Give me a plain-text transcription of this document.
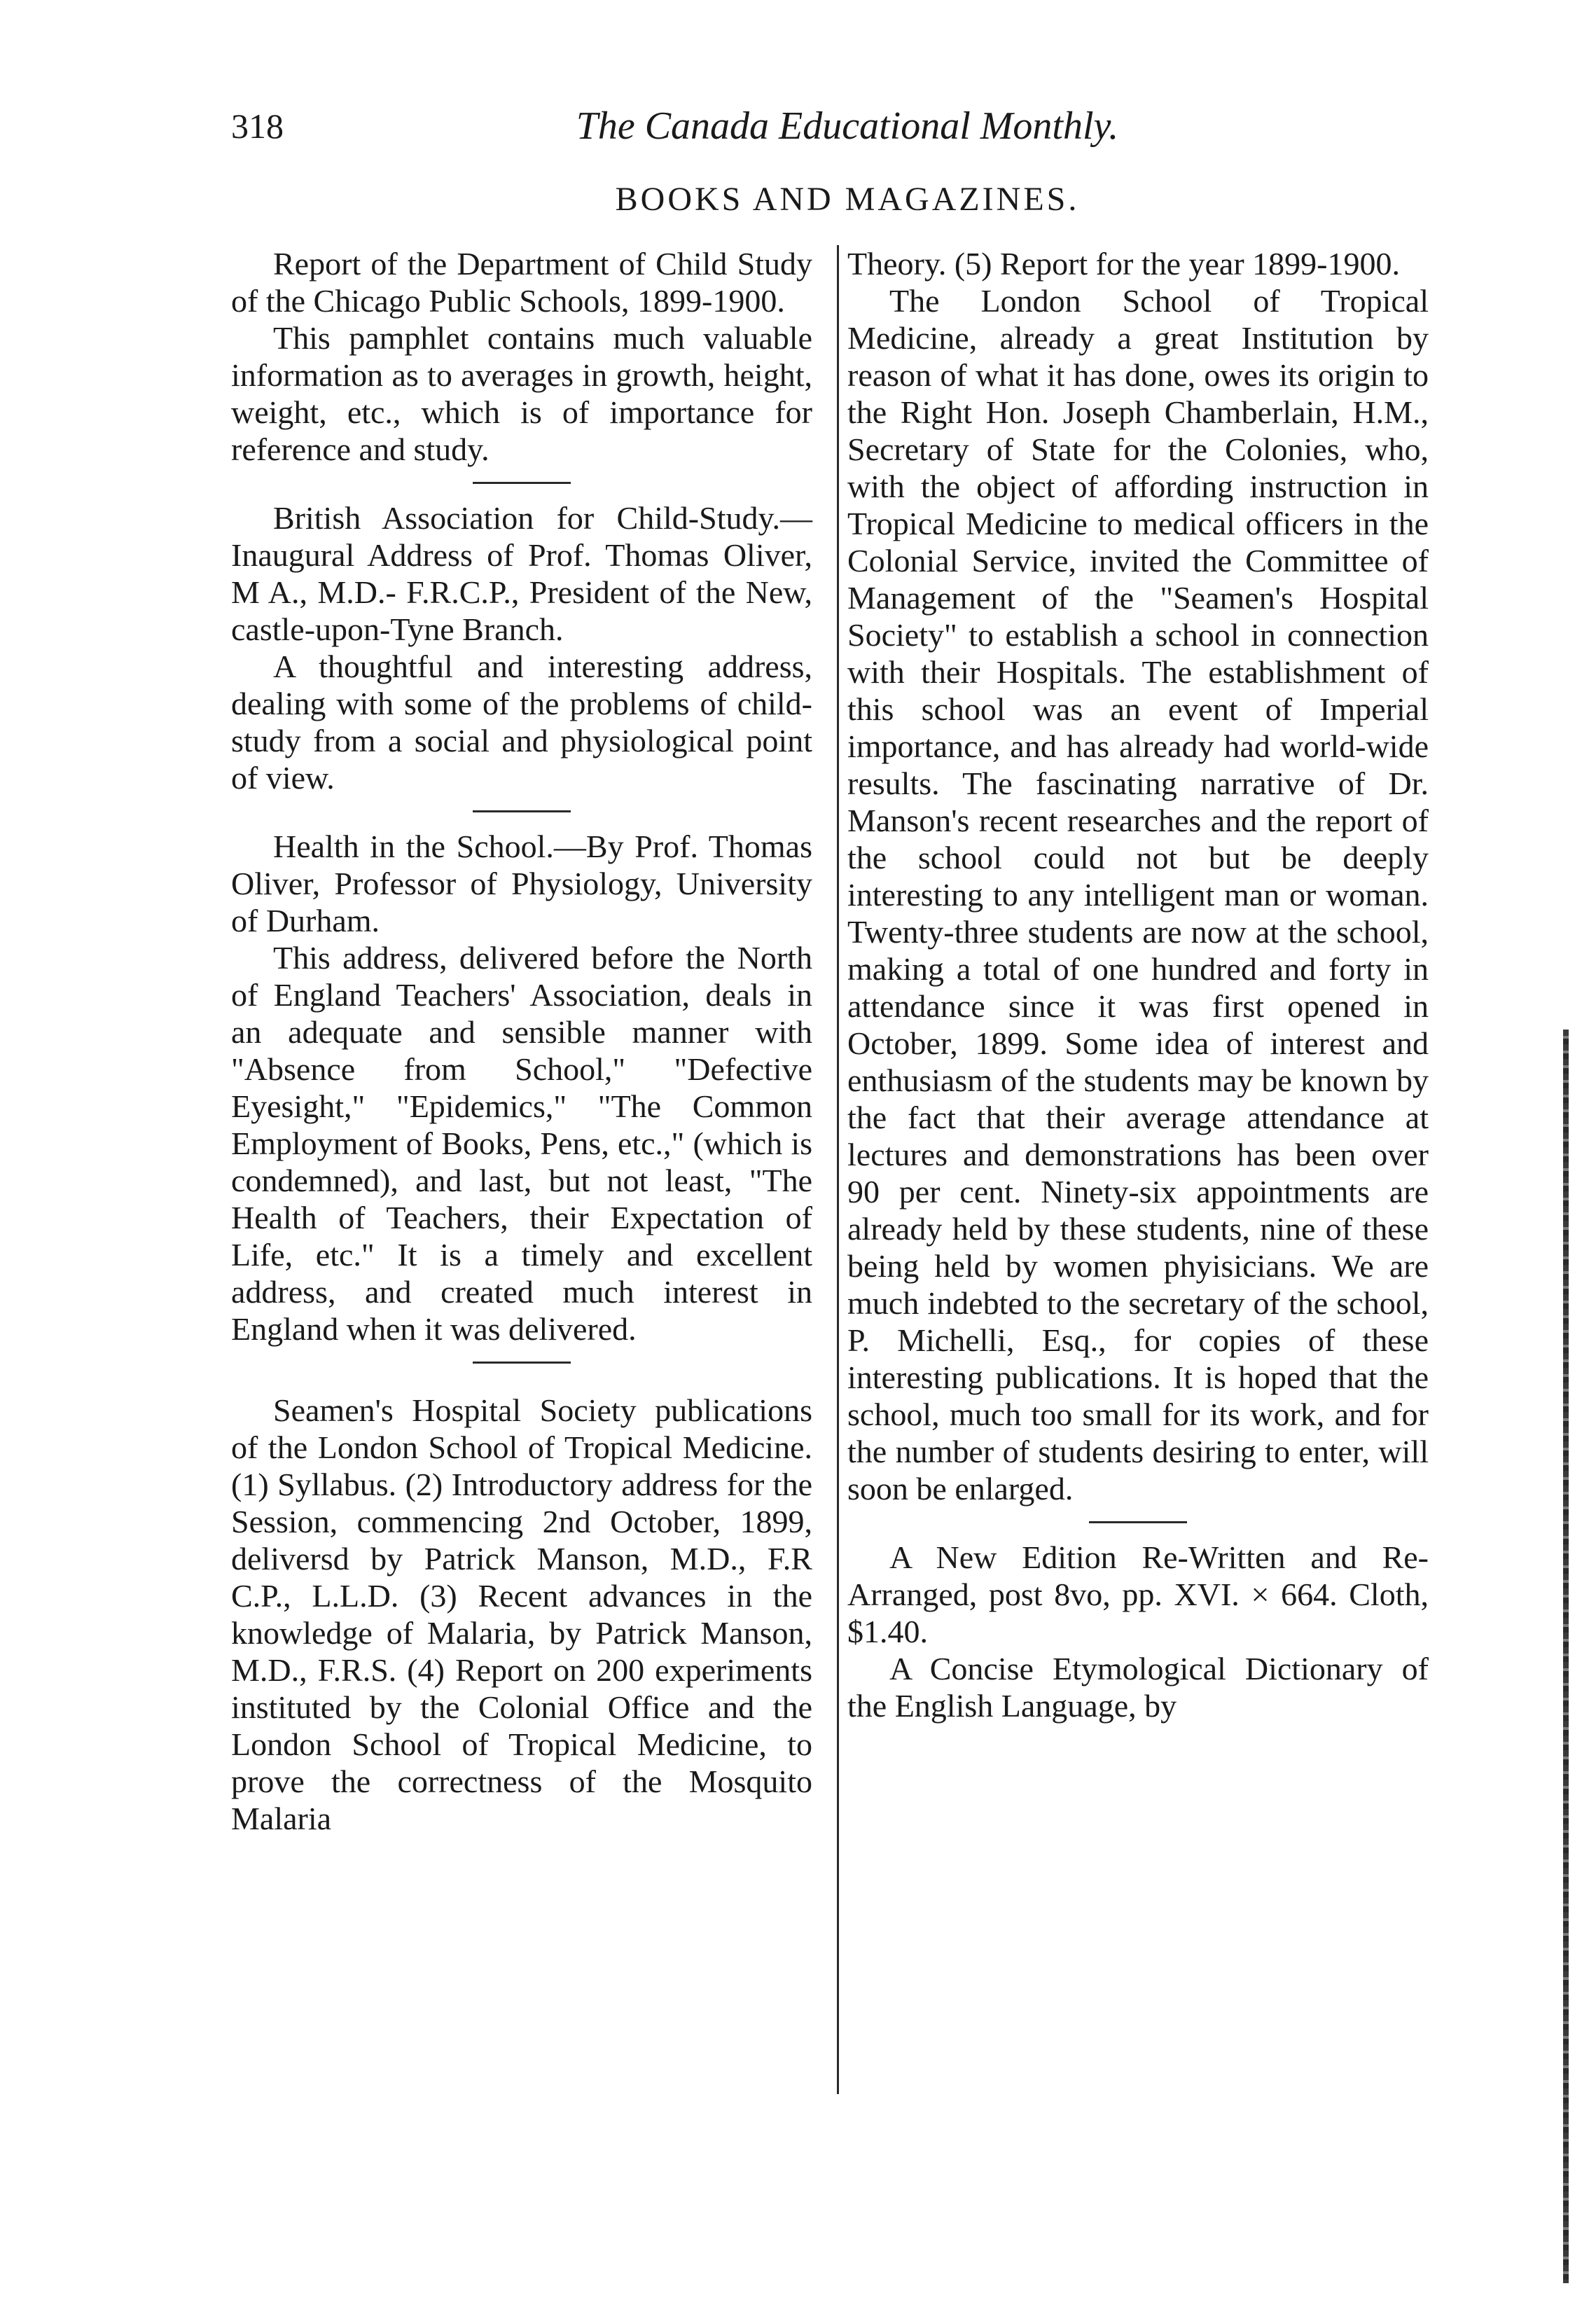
318	The Canada Educational Monthly.
BOOKS AND MAGAZINES.

Report of the Department of Child Study of the Chicago Public Schools, 1899-1900.

This pamphlet contains much valuable information as to averages in growth, height, weight, etc., which is of importance for reference and study.

British Association for Child-Study.—Inaugural Address of Prof. Thomas Oliver, M A., M.D.- F.R.C.P., President of the New, castle-upon-Tyne Branch.

A thoughtful and interesting address, dealing with some of the problems of child-study from a social and physiological point of view.

Health in the School.—By Prof. Thomas Oliver, Professor of Physiology, University of Durham.

This address, delivered before the North of England Teachers' Association, deals in an adequate and sensible manner with "Absence from School," "Defective Eyesight," "Epidemics," "The Common Employment of Books, Pens, etc.," (which is condemned), and last, but not least, "The Health of Teachers, their Expectation of Life, etc." It is a timely and excellent address, and created much interest in England when it was delivered.

Seamen's Hospital Society publications of the London School of Tropical Medicine. (1) Syllabus. (2) Introductory address for the Session, commencing 2nd October, 1899, deliversd by Patrick Manson, M.D., F.R C.P., L.L.D. (3) Recent advances in the knowledge of Malaria, by Patrick Manson, M.D., F.R.S. (4) Report on 200 experiments instituted by the Colonial Office and the London School of Tropical Medicine, to prove the correctness of the Mosquito Malaria

Theory. (5) Report for the year 1899-1900.

The London School of Tropical Medicine, already a great Institution by reason of what it has done, owes its origin to the Right Hon. Joseph Chamberlain, H.M., Secretary of State for the Colonies, who, with the object of affording instruction in Tropical Medicine to medical officers in the Colonial Service, invited the Committee of Management of the "Seamen's Hospital Society" to establish a school in connection with their Hospitals. The establishment of this school was an event of Imperial importance, and has already had world-wide results. The fascinating narrative of Dr. Manson's recent researches and the report of the school could not but be deeply interesting to any intelligent man or woman. Twenty-three students are now at the school, making a total of one hundred and forty in attendance since it was first opened in October, 1899. Some idea of interest and enthusiasm of the students may be known by the fact that their average attendance at lectures and demonstrations has been over 90 per cent. Ninety-six appointments are already held by these students, nine of these being held by women phyisicians. We are much indebted to the secretary of the school, P. Michelli, Esq., for copies of these interesting publications. It is hoped that the school, much too small for its work, and for the number of students desiring to enter, will soon be enlarged.

A New Edition Re-Written and Re-Arranged, post 8vo, pp. XVI. × 664. Cloth, $1.40.

A Concise Etymological Dictionary of the English Language, by
